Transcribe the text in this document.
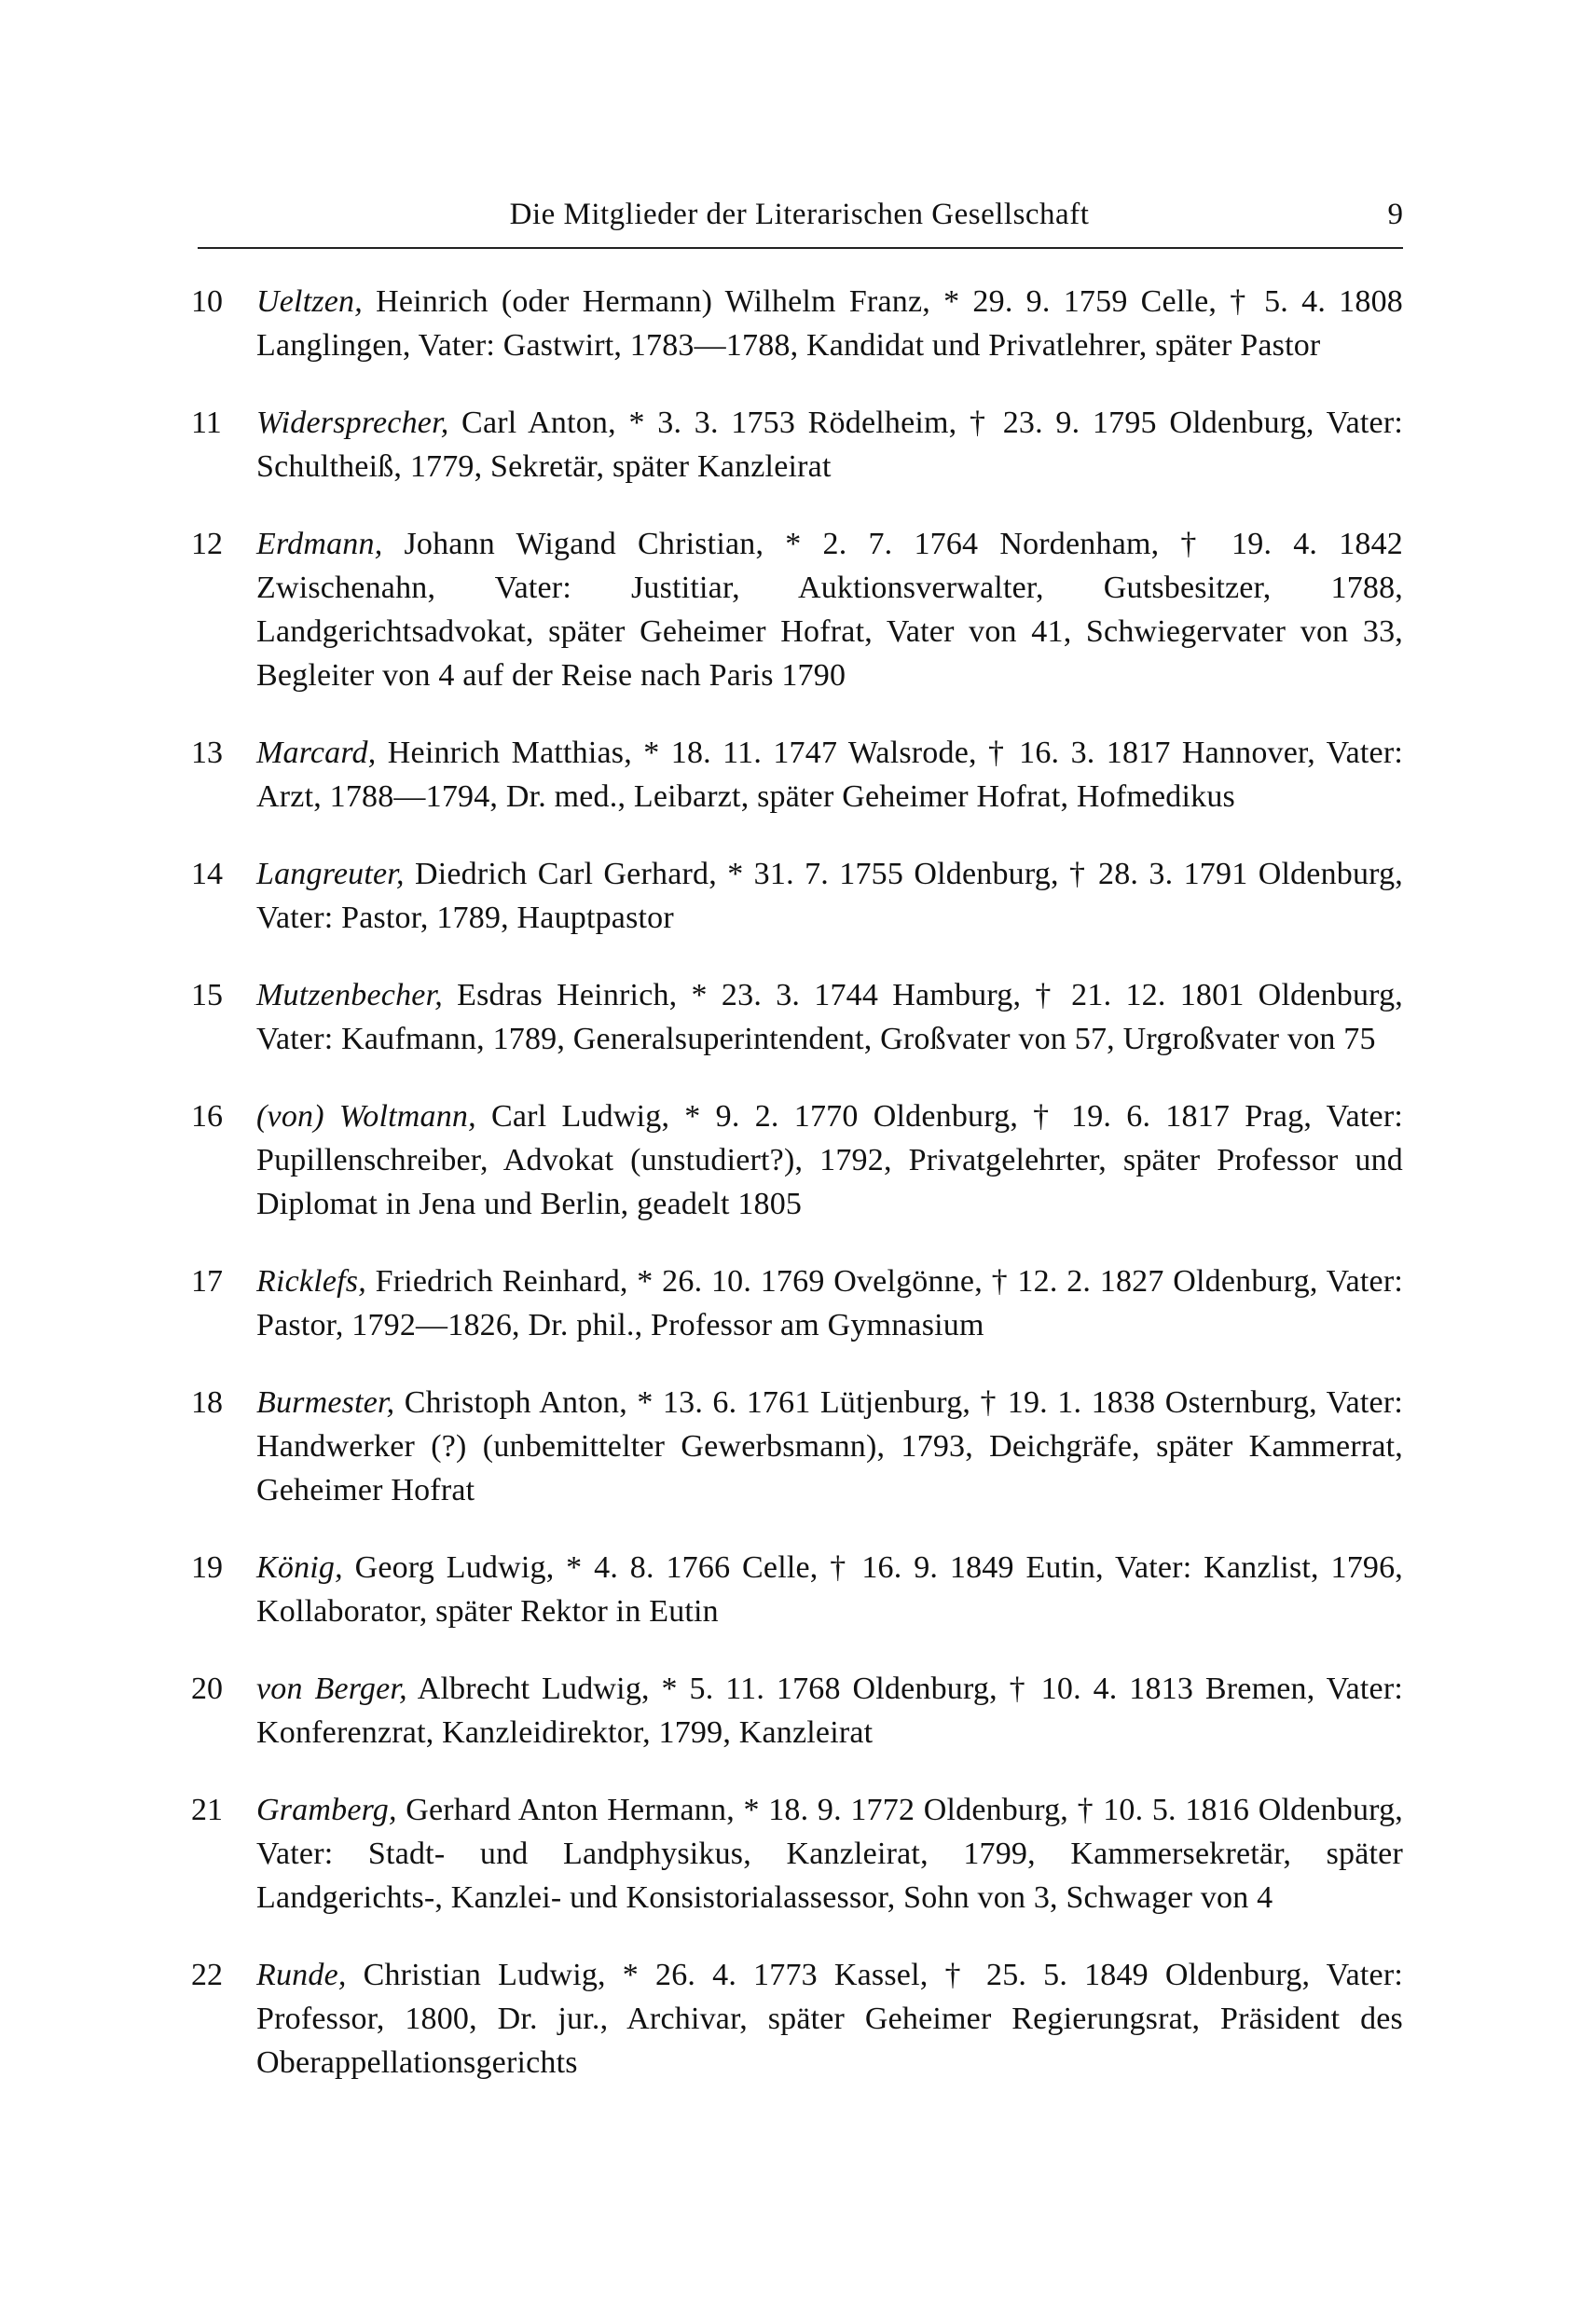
Die Mitglieder der Literarischen Gesellschaft	9
10	Ueltzen, Heinrich (oder Hermann) Wilhelm Franz, * 29. 9. 1759 Celle, † 5. 4. 1808 Langlingen, Vater: Gastwirt, 1783—1788, Kandidat und Privatlehrer, später Pastor
11	Widersprecher, Carl Anton, * 3. 3. 1753 Rödelheim, † 23. 9. 1795 Oldenburg, Vater: Schultheiß, 1779, Sekretär, später Kanzleirat
12	Erdmann, Johann Wigand Christian, * 2. 7. 1764 Nordenham, † 19. 4. 1842 Zwischenahn, Vater: Justitiar, Auktionsverwalter, Gutsbesitzer, 1788, Landgerichtsadvokat, später Geheimer Hofrat, Vater von 41, Schwiegervater von 33, Begleiter von 4 auf der Reise nach Paris 1790
13	Marcard, Heinrich Matthias, * 18. 11. 1747 Walsrode, † 16. 3. 1817 Hannover, Vater: Arzt, 1788—1794, Dr. med., Leibarzt, später Geheimer Hofrat, Hofmedikus
14	Langreuter, Diedrich Carl Gerhard, * 31. 7. 1755 Oldenburg, † 28. 3. 1791 Oldenburg, Vater: Pastor, 1789, Hauptpastor
15	Mutzenbecher, Esdras Heinrich, * 23. 3. 1744 Hamburg, † 21. 12. 1801 Oldenburg, Vater: Kaufmann, 1789, Generalsuperintendent, Großvater von 57, Urgroßvater von 75
16	(von) Woltmann, Carl Ludwig, * 9. 2. 1770 Oldenburg, † 19. 6. 1817 Prag, Vater: Pupillenschreiber, Advokat (unstudiert?), 1792, Privatgelehrter, später Professor und Diplomat in Jena und Berlin, geadelt 1805
17	Ricklefs, Friedrich Reinhard, * 26. 10. 1769 Ovelgönne, † 12. 2. 1827 Oldenburg, Vater: Pastor, 1792—1826, Dr. phil., Professor am Gymnasium
18	Burmester, Christoph Anton, * 13. 6. 1761 Lütjenburg, † 19. 1. 1838 Osternburg, Vater: Handwerker (?) (unbemittelter Gewerbsmann), 1793, Deichgräfe, später Kammerrat, Geheimer Hofrat
19	König, Georg Ludwig, * 4. 8. 1766 Celle, † 16. 9. 1849 Eutin, Vater: Kanzlist, 1796, Kollaborator, später Rektor in Eutin
20	von Berger, Albrecht Ludwig, * 5. 11. 1768 Oldenburg, † 10. 4. 1813 Bremen, Vater: Konferenzrat, Kanzleidirektor, 1799, Kanzleirat
21	Gramberg, Gerhard Anton Hermann, * 18. 9. 1772 Oldenburg, † 10. 5. 1816 Oldenburg, Vater: Stadt- und Landphysikus, Kanzleirat, 1799, Kammersekretär, später Landgerichts-, Kanzlei- und Konsistorialassessor, Sohn von 3, Schwager von 4
22	Runde, Christian Ludwig, * 26. 4. 1773 Kassel, † 25. 5. 1849 Oldenburg, Vater: Professor, 1800, Dr. jur., Archivar, später Geheimer Regierungsrat, Präsident des Oberappellationsgerichts
